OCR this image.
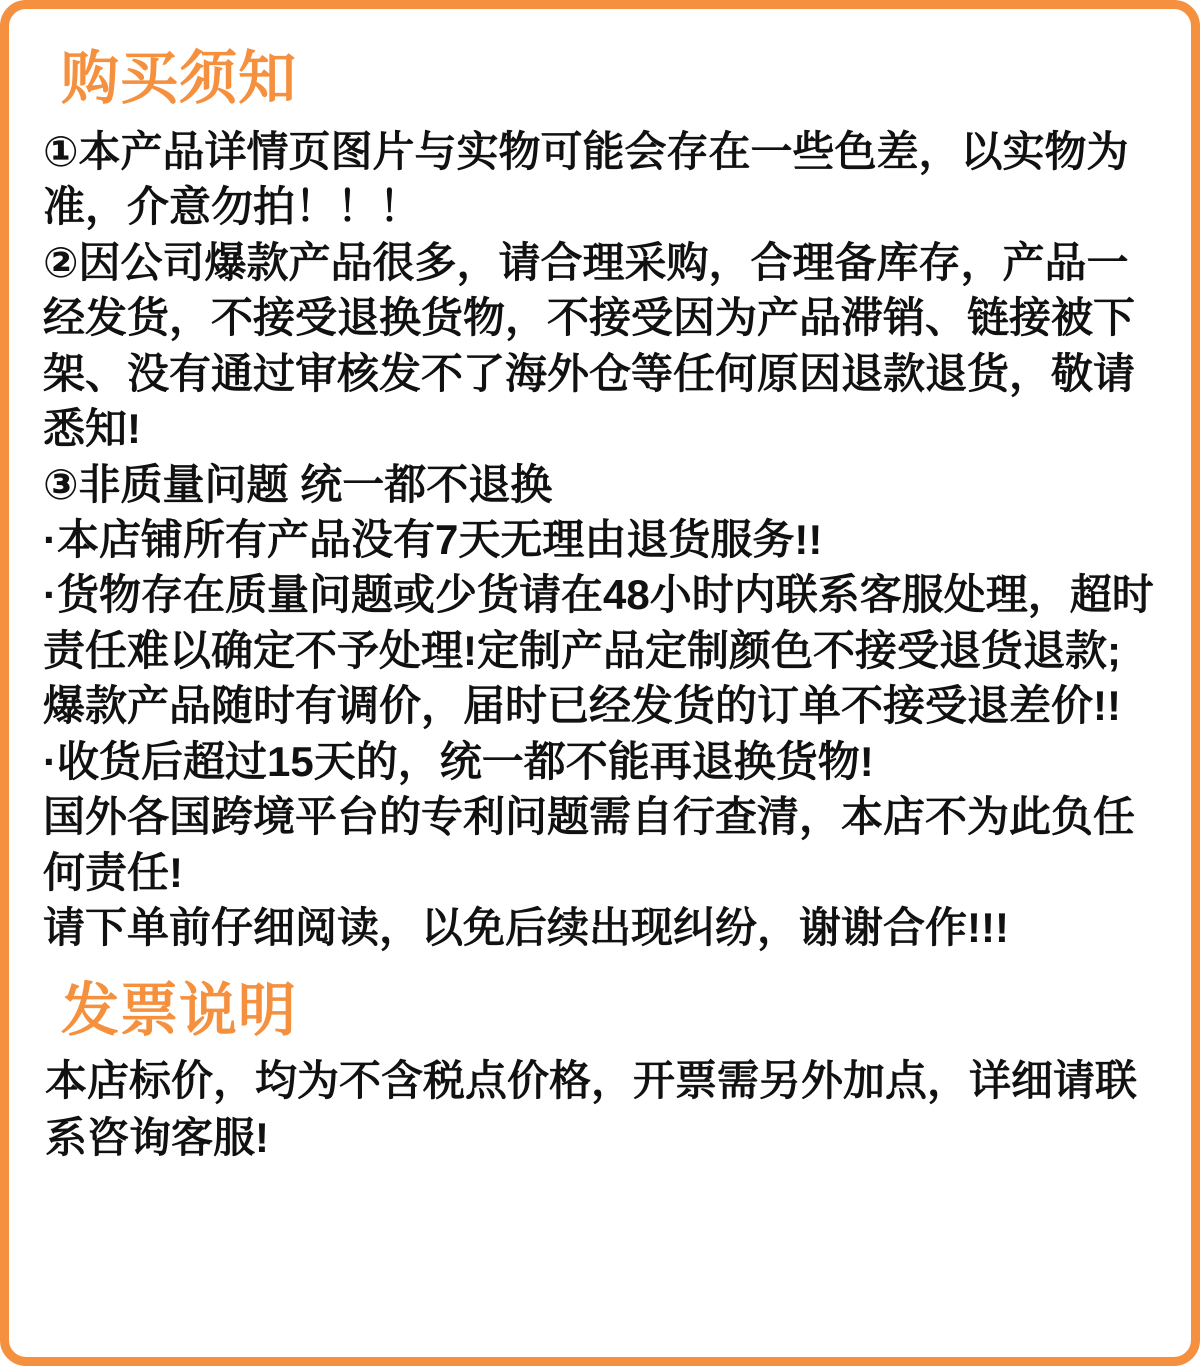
购买须知

①本产品详情页图片与实物可能会存在一些色差，以实物为准，介意勿拍！！！

②因公司爆款产品很多，请合理采购，合理备库存，产品一经发货，不接受退换货物，不接受因为产品滞销、链接被下架、没有通过审核发不了海外仓等任何原因退款退货，敬请悉知!

③非质量问题 统一都不退换

·本店铺所有产品没有7天无理由退货服务!!

·货物存在质量问题或少货请在48小时内联系客服处理，超时责任难以确定不予处理!定制产品定制颜色不接受退货退款;爆款产品随时有调价，届时已经发货的订单不接受退差价!!

·收货后超过15天的，统一都不能再退换货物!

国外各国跨境平台的专利问题需自行查清，本店不为此负任何责任!

请下单前仔细阅读，以免后续出现纠纷，谢谢合作!!!

发票说明

本店标价，均为不含税点价格，开票需另外加点，详细请联系咨询客服!
